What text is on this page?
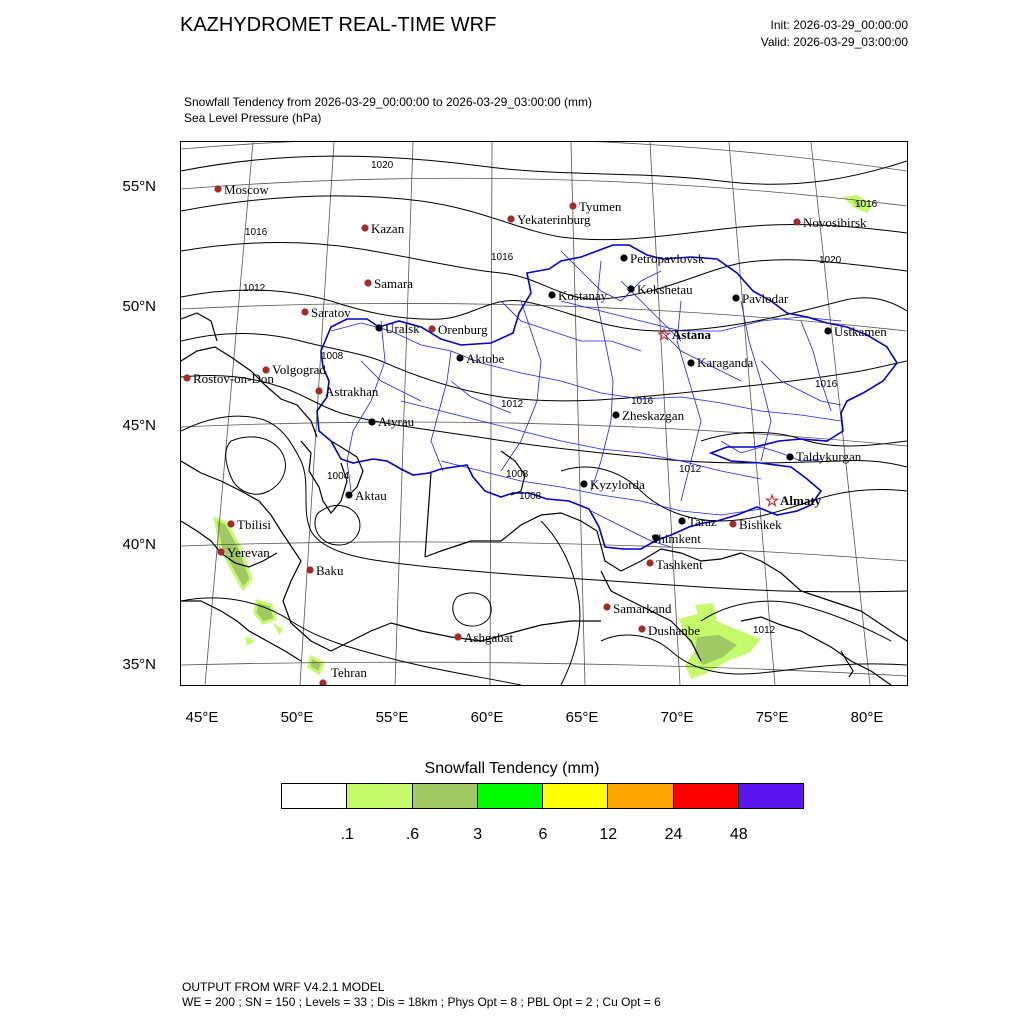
KAZHYDROMET REAL-TIME WRF	Init: 2026-03-29_00:00:00
Valid: 2026-03-29_03:00:00
Snowfall Tendency from 2026-03-29_00:00:00 to 2026-03-29_03:00:00 (mm)
Sea Level Pressure (hPa)
55°N
50°N
45°N
40°N
35°N
45°E	50°E	55°E	60°E	65°E	70°E	75°E	80°E
1020
1016
1016
1012
1008
1012	1016
1016
1020
1016
1012
1008
1008
1004
1012
Moscow
Kazan
Samara
Saratov
Orenburg
Volgograd
Rostov-on-Don
Astrakhan
Yekaterinburg
Tyumen
Novosibirsk
Tbilisi
Yerevan
Baku
Ashgabat
Tehran
Samarkand
Dushanbe
Tashkent
Bishkek
Petropavlovsk
Kostanay Kokshetau
Pavlodar
Uralsk
Aktobe	Karaganda
Ustkamen
Atyrau	Zheskazgan
Taldykurgan
Kyzylorda
Aktau
Taraz
Shimkent
☆ Astana
☆ Almaty
Snowfall Tendency (mm)
.1	.6	3	6	12	24	48
OUTPUT FROM WRF V4.2.1 MODEL
WE = 200 ; SN = 150 ; Levels = 33 ; Dis = 18km ; Phys Opt = 8 ; PBL Opt = 2 ; Cu Opt = 6
